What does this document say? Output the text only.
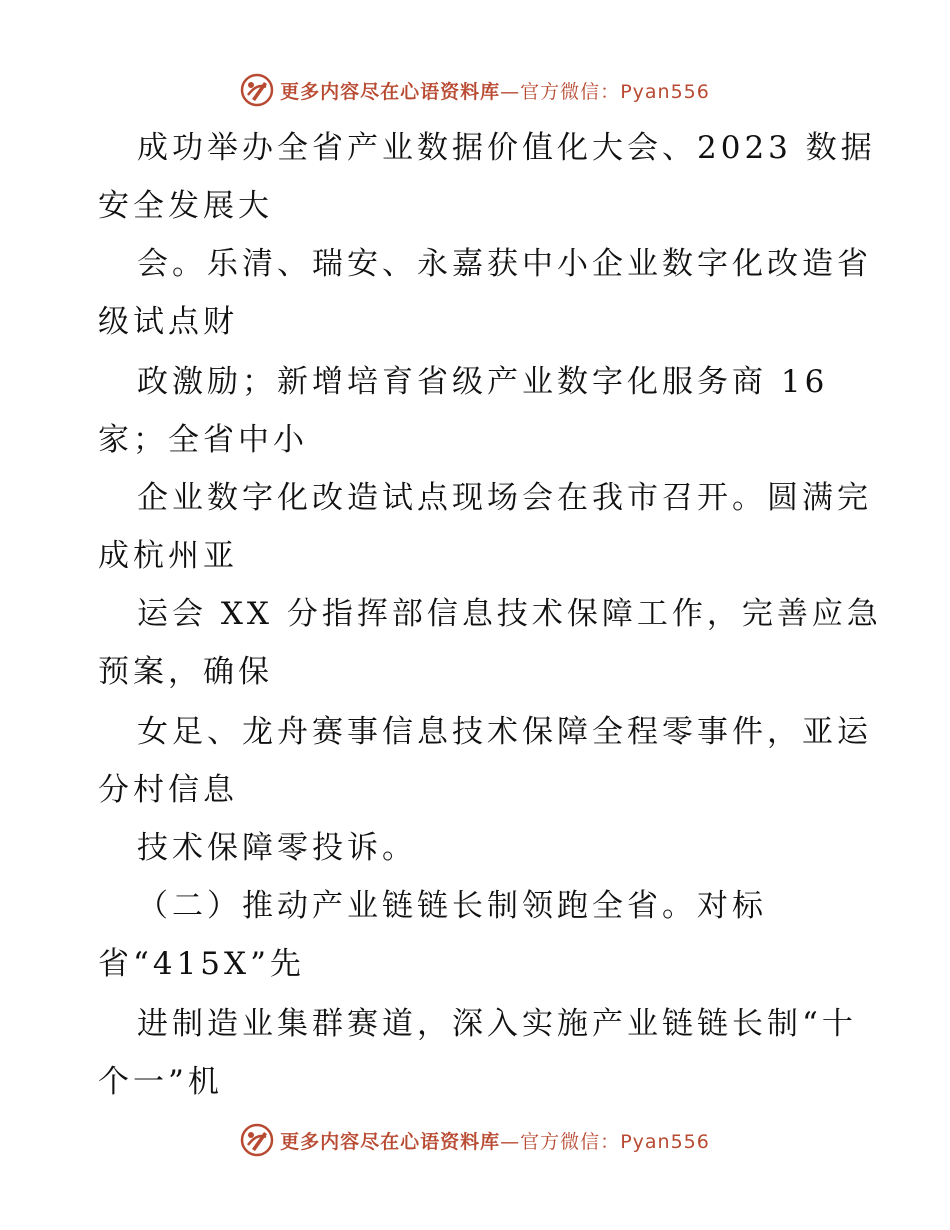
更多内容尽在心语资料库—官方微信：Pyan556
成功举办全省产业数据价值化大会、2023 数据
安全发展大
会。乐清、瑞安、永嘉获中小企业数字化改造省
级试点财
政激励；新增培育省级产业数字化服务商 16
家；全省中小
企业数字化改造试点现场会在我市召开。圆满完
成杭州亚
运会 XX 分指挥部信息技术保障工作，完善应急
预案，确保
女足、龙舟赛事信息技术保障全程零事件，亚运
分村信息
技术保障零投诉。
（二）推动产业链链长制领跑全省。对标
省“415X”先
进制造业集群赛道，深入实施产业链链长制“十
个一”机
更多内容尽在心语资料库—官方微信：Pyan556
